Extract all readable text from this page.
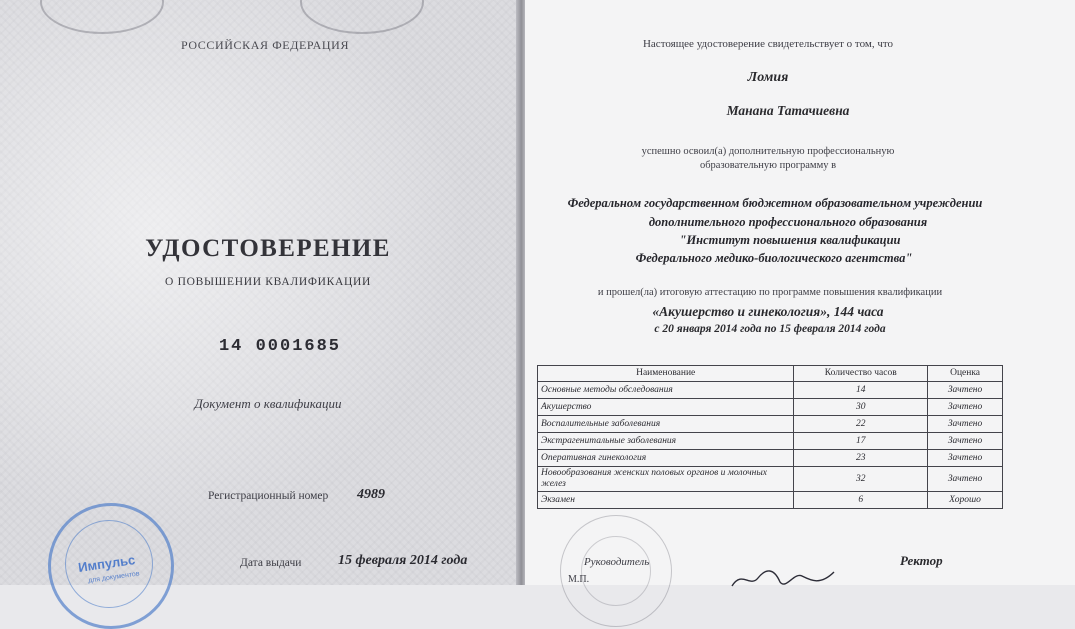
РОССИЙСКАЯ ФЕДЕРАЦИЯ
УДОСТОВЕРЕНИЕ
О ПОВЫШЕНИИ КВАЛИФИКАЦИИ
14 0001685
Документ о квалификации
Регистрационный номер 4989
Дата выдачи	15 февраля 2014 года
Импульс
для документов
Настоящее удостоверение свидетельствует о том, что
Ломия
Манана Татачиевна
успешно освоил(а) дополнительную профессиональную
образовательную программу в
Федеральном государственном бюджетном образовательном учреждении
дополнительного профессионального образования
"Институт повышения квалификации
Федерального медико-биологического агентства"
и прошел(ла) итоговую аттестацию по программе повышения квалификации
«Акушерство и гинекология», 144 часа
с 20 января 2014 года по 15 февраля 2014 года
Наименование	Количество часов	Оценка
Основные методы обследования	14	Зачтено
Акушерство	30	Зачтено
Воспалительные заболевания	22	Зачтено
Экстрагенитальные заболевания	17	Зачтено
Оперативная гинекология	23	Зачтено
Новообразования женских половых органов и молочных желез	32	Зачтено
Экзамен	6	Хорошо
Руководитель	Ректор
М.П.
